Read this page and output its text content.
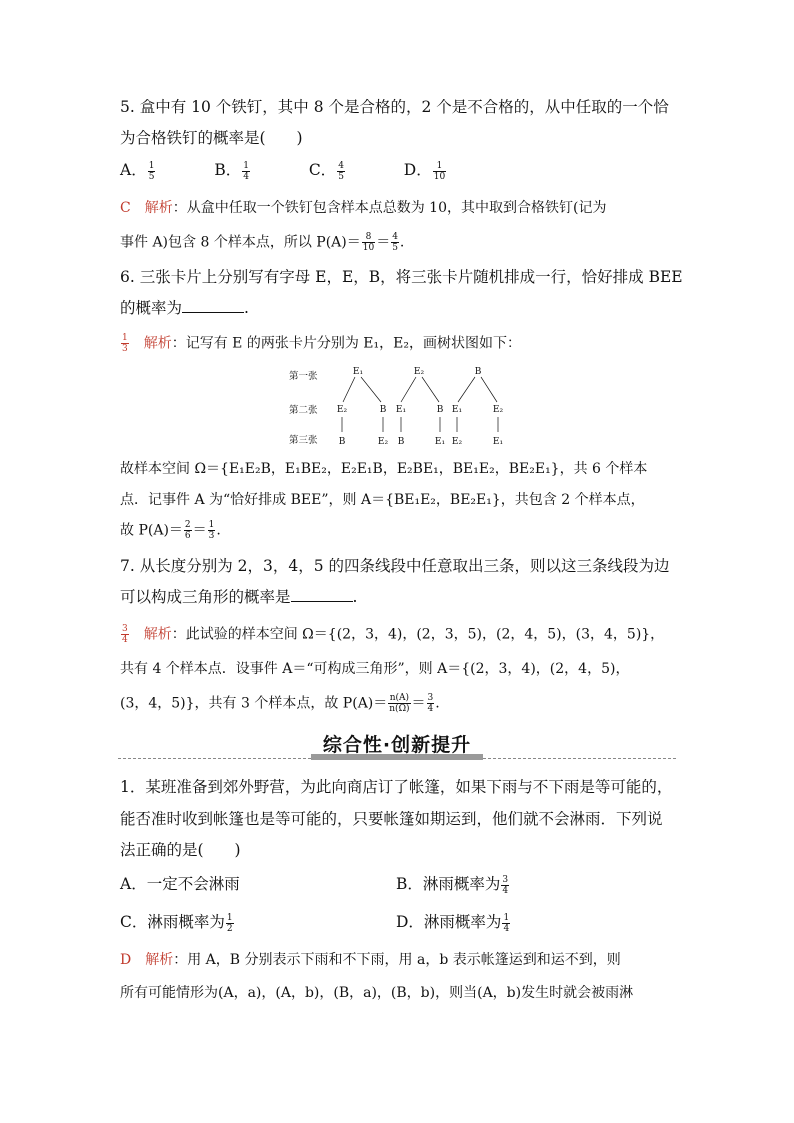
5. 盒中有 10 个铁钉，其中 8 个是合格的，2 个是不合格的，从中任取的一个恰
为合格铁钉的概率是(　　)
A． $\frac{1}{5}$	B． $\frac{1}{4}$	C． $\frac{4}{5}$	D． $\frac{1}{10}$
C　 解析：从盒中任取一个铁钉包含样本点总数为 10，其中取到合格铁钉(记为
事件 A)包含 8 个样本点，所以 $P(A)= \frac{8}{10} = \frac{4}{5}$ .
6. 三张卡片上分别写有字母 E，E，B，将三张卡片随机排成一行，恰好排成 BEE
的概率为	.
$\frac{1}{3}$
　 解析：记写有 E 的两张卡片分别为 E₁，E₂，画树状图如下：
第一张
第二张
第三张
E₁	E₂	B
E₂	B E₁	B E₁	E₂
B	E₂ B	E₁ E₂	E₁
故样本空间 Ω＝{E₁E₂B，E₁BE₂，E₂E₁B，E₂BE₁，BE₁E₂，BE₂E₁}，共 6 个样本
点．记事件 A 为“恰好排成 BEE”，则 A＝{BE₁E₂，BE₂E₁}，共包含 2 个样本点，
故 $P(A)= \frac{2}{6} = \frac{1}{3}$ .
7. 从长度分别为 2，3，4，5 的四条线段中任意取出三条，则以这三条线段为边
可以构成三角形的概率是	.
$\frac{3}{4}$
　 解析：此试验的样本空间 Ω＝{(2，3，4)，(2，3，5)，(2，4，5)，(3，4，5)}，
共有 4 个样本点．设事件 A＝“可构成三角形”，则 A＝{(2，3，4)，(2，4，5)，
(3，4，5)}，共有 3 个样本点，故 $P(A)= \frac{n(A)}{n(\Omega)} = \frac{3}{4}$ .
综合性·创新提升
1．某班准备到郊外野营，为此向商店订了帐篷，如果下雨与不下雨是等可能的，
能否准时收到帐篷也是等可能的，只要帐篷如期运到，他们就不会淋雨．下列说
法正确的是(　　)
A．一定不会淋雨	B．淋雨概率为 $\frac{3}{4}$
C．淋雨概率为 $\frac{1}{2}$	D．淋雨概率为 $\frac{1}{4}$
D　 解析：用 A，B 分别表示下雨和不下雨，用 a，b 表示帐篷运到和运不到，则
所有可能情形为(A，a)，(A，b)，(B，a)，(B，b)，则当(A，b)发生时就会被雨淋
